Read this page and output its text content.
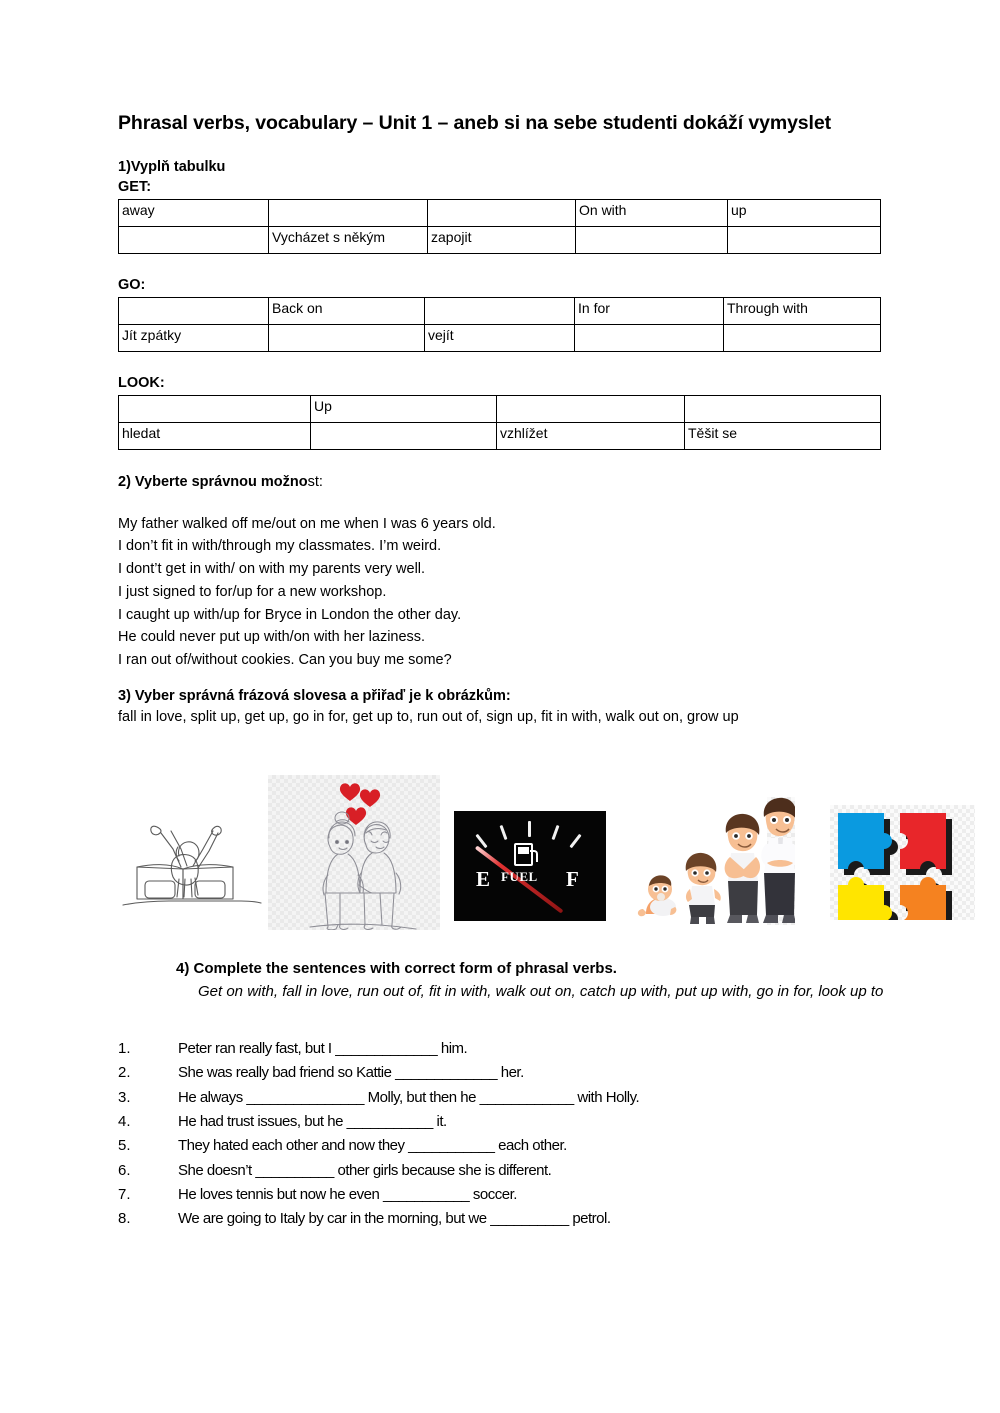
Phrasal verbs, vocabulary – Unit 1 – aneb si na sebe studenti dokáží vymyslet

1)Vyplň tabulku

GET:

away			On with	up
	Vycházet s někým	zapojit		

GO:

	Back on		In for	Through with
Jít zpátky		vejít		

LOOK:

	Up		
hledat		vzhlížet	Těšit se

2) Vyberte správnou možnost:

My father walked off me/out on me when I was 6 years old.
I don’t fit in with/through my classmates. I’m weird.
I dont’t get in with/ on with my parents very well.
I just signed to for/up for a new workshop.
I caught up with/up for Bryce in London the other day.
He could never put up with/on with her laziness.
I ran out of/without cookies. Can you buy me some?

3) Vyber správná frázová slovesa a přiřaď je k obrázkům:

fall in love, split up, get up, go in for, get up to, run out of, sign up, fit in with, walk out on, grow up

E FUEL F

4) Complete the sentences with correct form of phrasal verbs.

Get on with, fall in love, run out of, fit in with, walk out on, catch up with, put up with, go in for, look up to

1.	Peter ran really fast, but I _____________ him.
2.	She was really bad friend so Kattie _____________ her.
3.	He always _______________ Molly, but then he ____________ with Holly.
4.	He had trust issues, but he ___________ it.
5.	They hated each other and now they ___________ each other.
6.	She doesn’t __________ other girls because she is different.
7.	He loves tennis but now he even ___________ soccer.
8.	We are going to Italy by car in the morning, but we __________ petrol.
